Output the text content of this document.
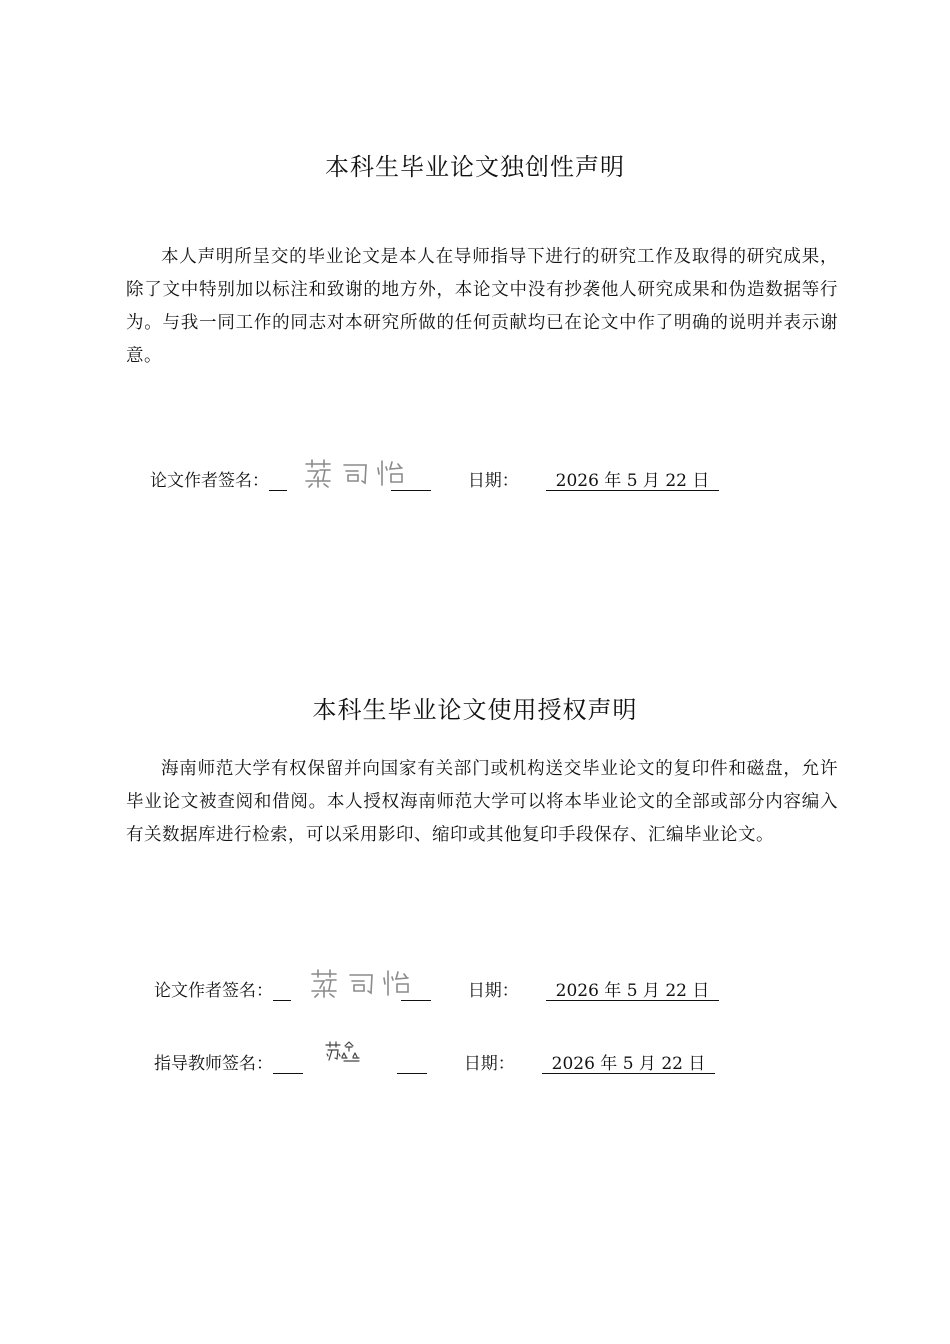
本科生毕业论文独创性声明
本人声明所呈交的毕业论文是本人在导师指导下进行的研究工作及取得的研究成果，除了文中特别加以标注和致谢的地方外，本论文中没有抄袭他人研究成果和伪造数据等行为。与我一同工作的同志对本研究所做的任何贡献均已在论文中作了明确的说明并表示谢意。
论文作者签名：	日期： 2026 年 5 月 22 日
本科生毕业论文使用授权声明
海南师范大学有权保留并向国家有关部门或机构送交毕业论文的复印件和磁盘，允许毕业论文被查阅和借阅。本人授权海南师范大学可以将本毕业论文的全部或部分内容编入有关数据库进行检索，可以采用影印、缩印或其他复印手段保存、汇编毕业论文。
论文作者签名：	日期： 2026 年 5 月 22 日
指导教师签名：	日期： 2026 年 5 月 22 日
